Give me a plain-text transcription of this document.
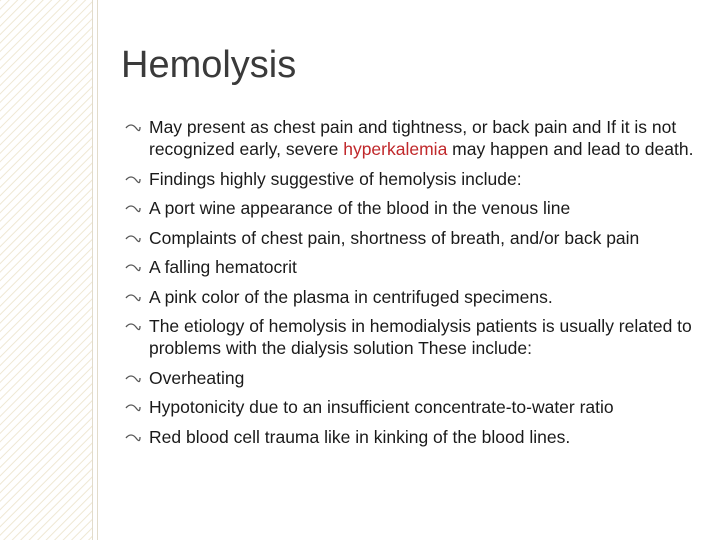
Hemolysis
May present as chest pain and tightness, or back pain and If it is not recognized early, severe hyperkalemia may happen and lead to death.
Findings highly suggestive of hemolysis include:
A port wine appearance of the blood in the venous line
Complaints of chest pain, shortness of breath, and/or back pain
A falling hematocrit
A pink color of the plasma in centrifuged specimens.
The etiology of hemolysis in hemodialysis patients is usually related to problems with the dialysis solution These include:
Overheating
Hypotonicity due to an insufficient concentrate-to-water ratio
Red blood cell trauma like in kinking of the blood lines.
